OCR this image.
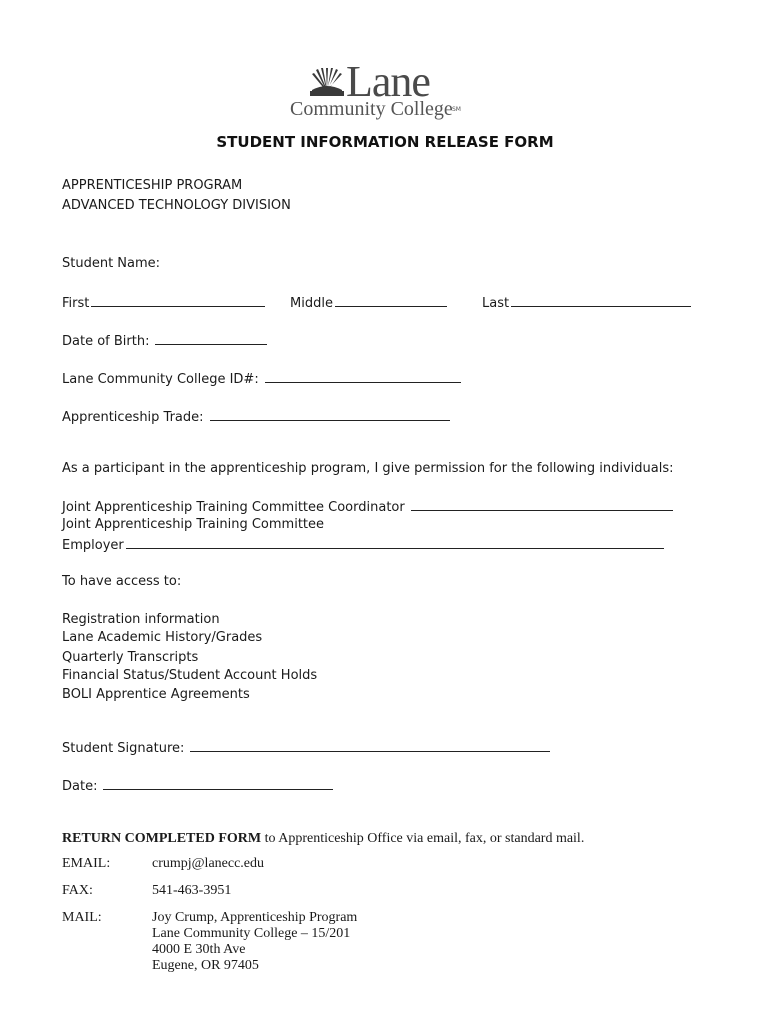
Lane
Community College SM
STUDENT INFORMATION RELEASE FORM
APPRENTICESHIP PROGRAM
ADVANCED TECHNOLOGY DIVISION
Student Name:
First	Middle	Last
Date of Birth:
Lane Community College ID#:
Apprenticeship Trade:
As a participant in the apprenticeship program, I give permission for the following individuals:
Joint Apprenticeship Training Committee Coordinator
Joint Apprenticeship Training Committee
Employer
To have access to:
Registration information
Lane Academic History/Grades
Quarterly Transcripts
Financial Status/Student Account Holds
BOLI Apprentice Agreements
Student Signature:
Date:
RETURN COMPLETED FORM to Apprenticeship Office via email, fax, or standard mail.
EMAIL:	crumpj@lanecc.edu
FAX:	541-463-3951
MAIL:	Joy Crump, Apprenticeship Program
Lane Community College – 15/201
4000 E 30th Ave
Eugene, OR 97405
